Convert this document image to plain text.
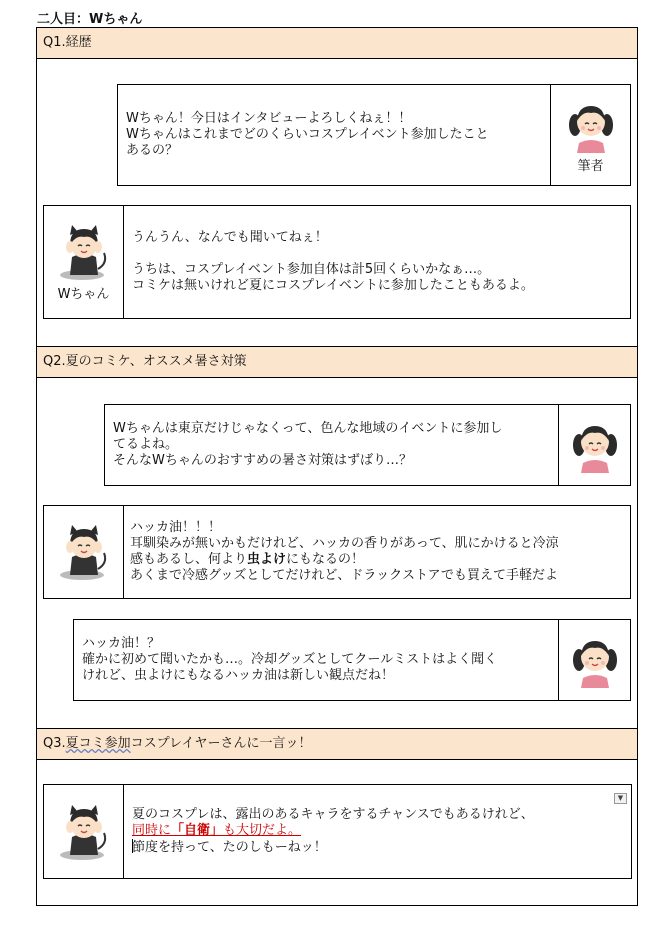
二人目：Wちゃん
Q1.経歴

Wちゃん！今日はインタビューよろしくねぇ！！

Wちゃんはこれまでどのくらいコスプレイベント参加したこと

あるの？

筆者
Wちゃん

うんうん、なんでも聞いてねぇ！

うちは、コスプレイベント参加自体は計5回くらいかなぁ…。

コミケは無いけれど夏にコスプレイベントに参加したこともあるよ。

Q2.夏のコミケ、オススメ暑さ対策

Wちゃんは東京だけじゃなくって、色んな地域のイベントに参加し

てるよね。

そんなWちゃんのおすすめの暑さ対策はずばり…？

ハッカ油！！！

耳馴染みが無いかもだけれど、ハッカの香りがあって、肌にかけると冷涼

感もあるし、何より虫よけにもなるの！

あくまで冷感グッズとしてだけれど、ドラックストアでも買えて手軽だよ

ハッカ油！？

確かに初めて聞いたかも…。冷却グッズとしてクールミストはよく聞く

けれど、虫よけにもなるハッカ油は新しい観点だね！

Q3.夏コミ参加コスプレイヤーさんに一言ッ！

夏のコスプレは、露出のあるキャラをするチャンスでもあるけれど、

同時に「自衛」も大切だよ。

節度を持って、たのしもーねッ！

▼
